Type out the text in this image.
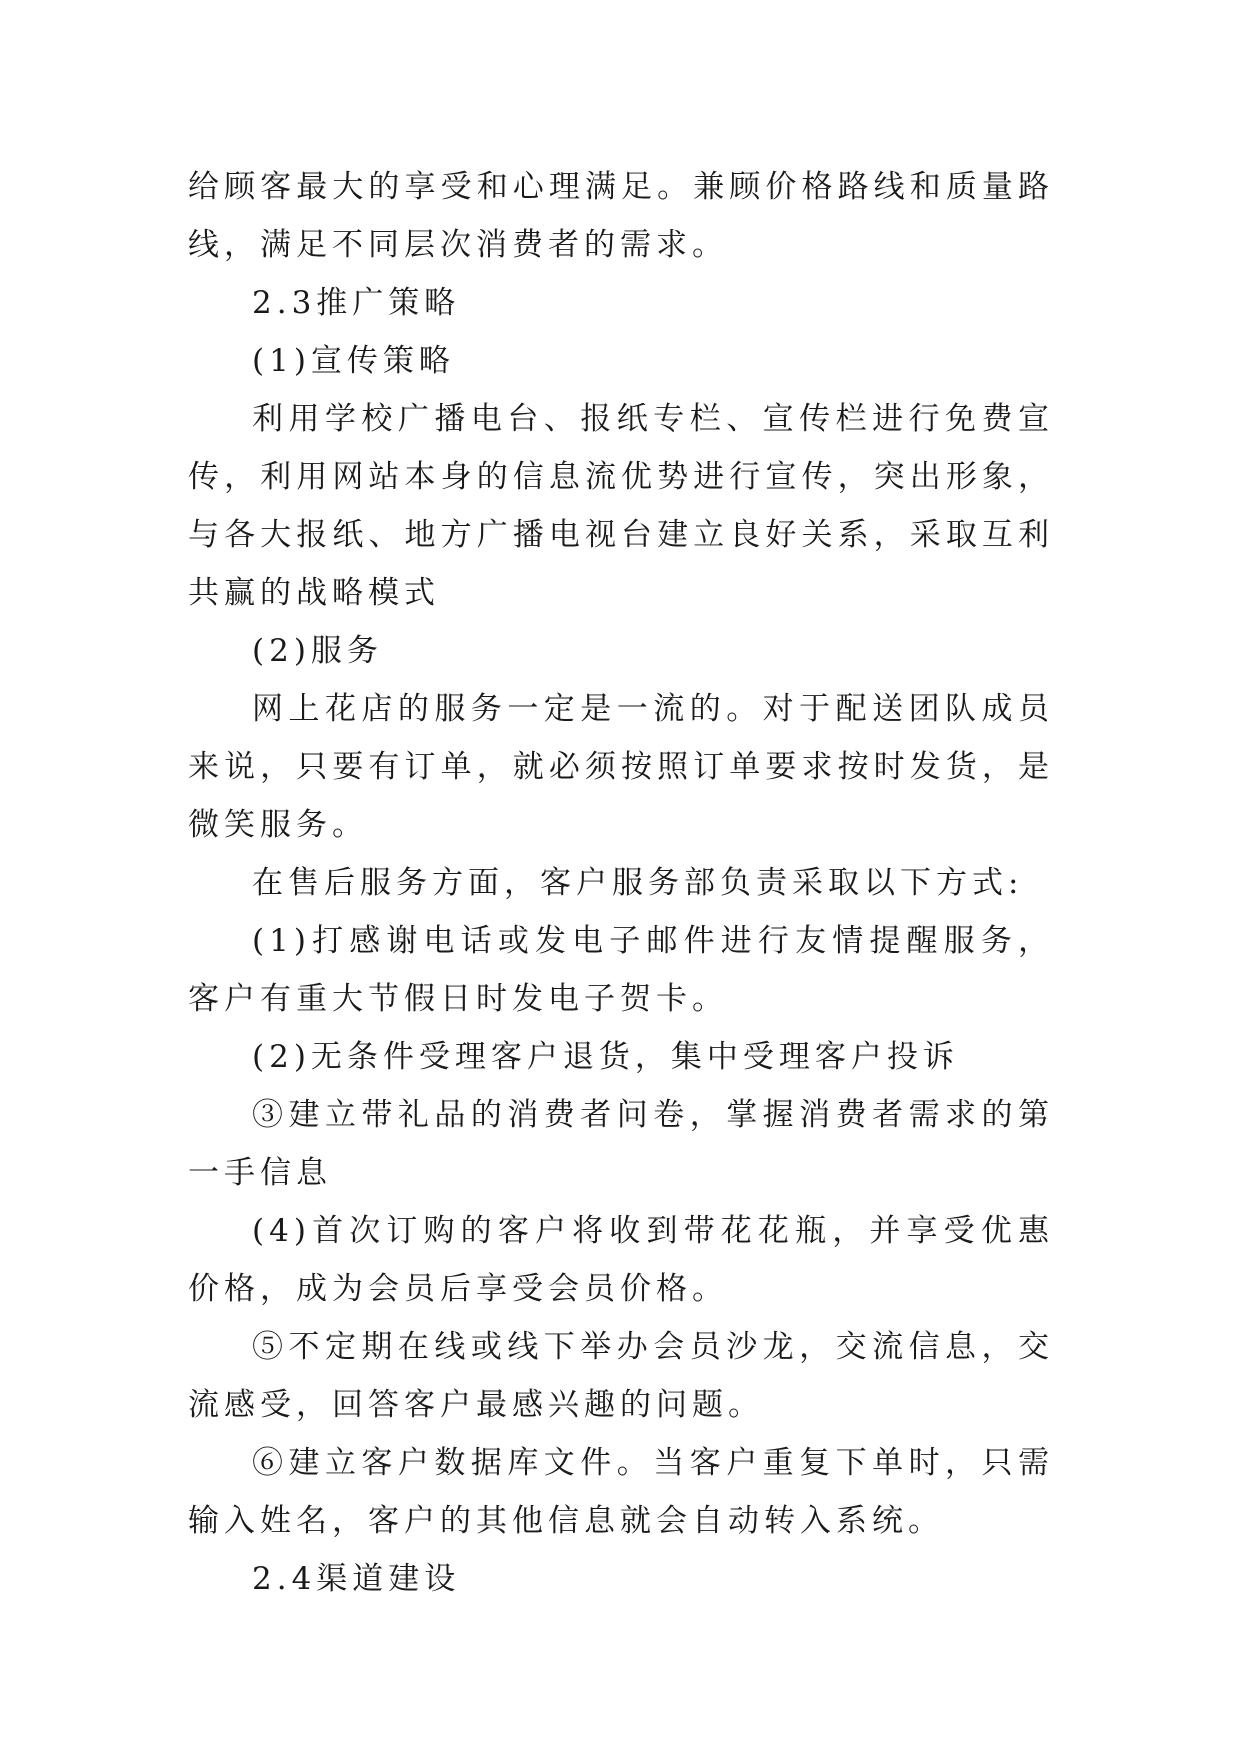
给顾客最大的享受和心理满足。兼顾价格路线和质量路线，满足不同层次消费者的需求。

2.3推广策略

(1)宣传策略

利用学校广播电台、报纸专栏、宣传栏进行免费宣传，利用网站本身的信息流优势进行宣传，突出形象，与各大报纸、地方广播电视台建立良好关系，采取互利共赢的战略模式

(2)服务

网上花店的服务一定是一流的。对于配送团队成员来说，只要有订单，就必须按照订单要求按时发货，是微笑服务。

在售后服务方面，客户服务部负责采取以下方式:

(1)打感谢电话或发电子邮件进行友情提醒服务，客户有重大节假日时发电子贺卡。

(2)无条件受理客户退货，集中受理客户投诉

③建立带礼品的消费者问卷，掌握消费者需求的第一手信息

(4)首次订购的客户将收到带花花瓶，并享受优惠价格，成为会员后享受会员价格。

⑤不定期在线或线下举办会员沙龙，交流信息，交流感受，回答客户最感兴趣的问题。

⑥建立客户数据库文件。当客户重复下单时，只需输入姓名，客户的其他信息就会自动转入系统。

2.4渠道建设
